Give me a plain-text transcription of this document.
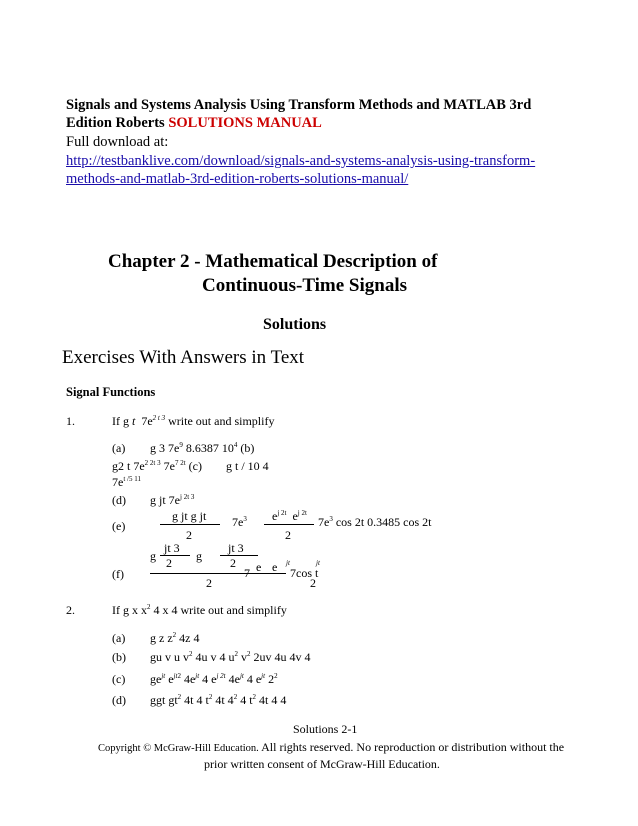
Signals and Systems Analysis Using Transform Methods and MATLAB 3rd
Edition Roberts SOLUTIONS MANUAL
Full download at:
http://testbanklive.com/download/signals-and-systems-analysis-using-transform-
methods-and-matlab-3rd-edition-roberts-solutions-manual/
Chapter 2 - Mathematical Description of
Continuous-Time Signals
Solutions
Exercises With Answers in Text
Signal Functions
1.	If g t $7e^{2 t 3}$ write out and simplify
(a) g 3 $7e^9$ 8.6387 $10^4$ (b)
g2 t $7e^{2 2t 3}$ $7e^{7 2t}$ (c) g t / 10 4
$7e^{t /5 11}$
(d) g jt $7e^{j 2t 3}$
(e)
g jt g jt
2
$7e^3$ $e^{j 2t}$ $e^{j 2t}$
2
$7e^3$ cos 2t 0.3485 cos 2t
(f)
g
jt 3
2 g
jt 3
2
2
7 e e jt	jt
7cos t
2
2.	If g x $x^2$ 4 x 4 write out and simplify
(a) g z $z^2$ 4z 4
(b) gu v u $v^2$ 4u v 4 $u^2$ $v^2$ 2uv 4u 4v 4
(c) $ge^{jt}$ $e^{jt2}$ $4e^{jt}$ 4 $e^{j 2t}$ $4e^{jt}$ 4 $e^{jt}$ $2^2$
(d) ggt $gt^2$ 4t 4 $t^2$ 4t $4^2$ 4 $t^2$ 4t 4 4
Solutions 2-1
Copyright © McGraw-Hill Education. All rights reserved. No reproduction or distribution without the
prior written consent of McGraw-Hill Education.
